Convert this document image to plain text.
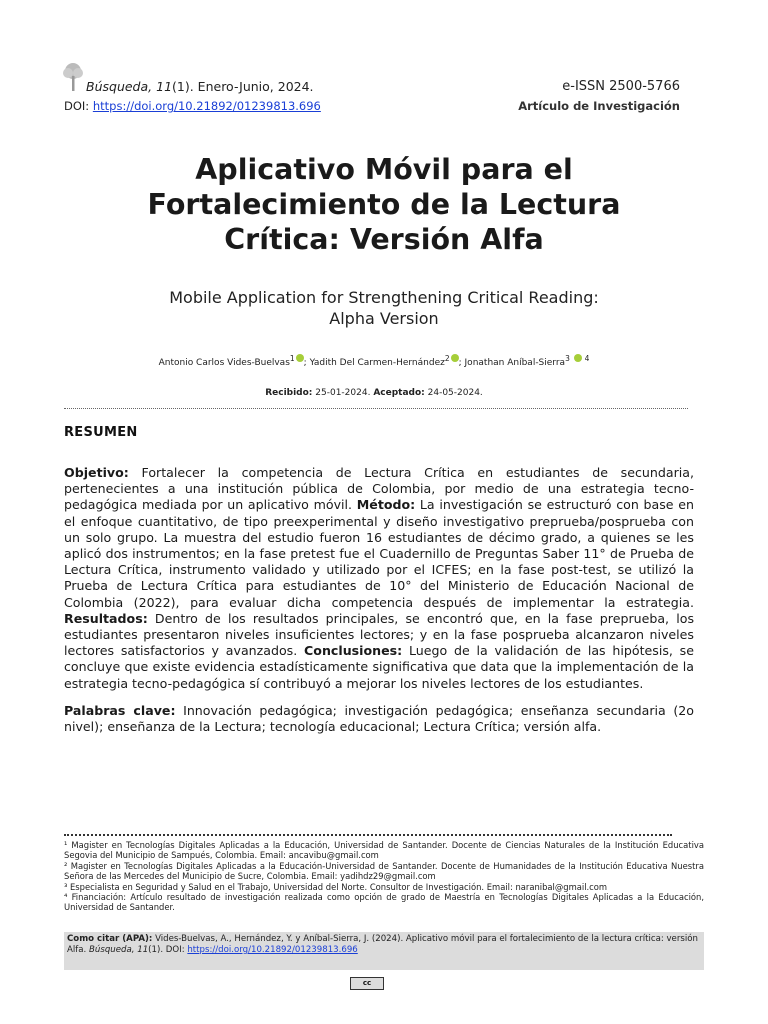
Búsqueda, 11(1). Enero-Junio, 2024.	e-ISSN 2500-5766
DOI: https://doi.org/10.21892/01239813.696	Artículo de Investigación
Aplicativo Móvil para el
Fortalecimiento de la Lectura
Crítica: Versión Alfa
Mobile Application for Strengthening Critical Reading:
Alpha Version
Antonio Carlos Vides-Buelvas$^1$ ; Yadith Del Carmen-Hernández$^2$ ; Jonathan Aníbal-Sierra$^3$ $^4$
Recibido: 25-01-2024. Aceptado: 24-05-2024.
RESUMEN
Objetivo: Fortalecer la competencia de Lectura Crítica en estudiantes de secundaria, pertenecientes a una institución pública de Colombia, por medio de una estrategia tecno-pedagógica mediada por un aplicativo móvil. Método: La investigación se estructuró con base en el enfoque cuantitativo, de tipo preexperimental y diseño investigativo preprueba/posprueba con un solo grupo. La muestra del estudio fueron 16 estudiantes de décimo grado, a quienes se les aplicó dos instrumentos; en la fase pretest fue el Cuadernillo de Preguntas Saber 11° de Prueba de Lectura Crítica, instrumento validado y utilizado por el ICFES; en la fase post-test, se utilizó la Prueba de Lectura Crítica para estudiantes de 10° del Ministerio de Educación Nacional de Colombia (2022), para evaluar dicha competencia después de implementar la estrategia. Resultados: Dentro de los resultados principales, se encontró que, en la fase preprueba, los estudiantes presentaron niveles insuficientes lectores; y en la fase posprueba alcanzaron niveles lectores satisfactorios y avanzados. Conclusiones: Luego de la validación de las hipótesis, se concluye que existe evidencia estadísticamente significativa que data que la implementación de la estrategia tecno-pedagógica sí contribuyó a mejorar los niveles lectores de los estudiantes.
Palabras clave: Innovación pedagógica; investigación pedagógica; enseñanza secundaria (2o nivel); enseñanza de la Lectura; tecnología educacional; Lectura Crítica; versión alfa.

¹ Magister en Tecnologías Digitales Aplicadas a la Educación, Universidad de Santander. Docente de Ciencias Naturales de la Institución Educativa Segovia del Municipio de Sampués, Colombia. Email: ancavibu@gmail.com

² Magister en Tecnologías Digitales Aplicadas a la Educación-Universidad de Santander. Docente de Humanidades de la Institución Educativa Nuestra Señora de las Mercedes del Municipio de Sucre, Colombia. Email: yadihdz29@gmail.com

³ Especialista en Seguridad y Salud en el Trabajo, Universidad del Norte. Consultor de Investigación. Email: naranibal@gmail.com

⁴ Financiación: Artículo resultado de investigación realizada como opción de grado de Maestría en Tecnologías Digitales Aplicadas a la Educación, Universidad de Santander.

Como citar (APA): Vides-Buelvas, A., Hernández, Y. y Aníbal-Sierra, J. (2024). Aplicativo móvil para el fortalecimiento de la lectura crítica: versión Alfa. Búsqueda, 11(1). DOI: https://doi.org/10.21892/01239813.696
cc
